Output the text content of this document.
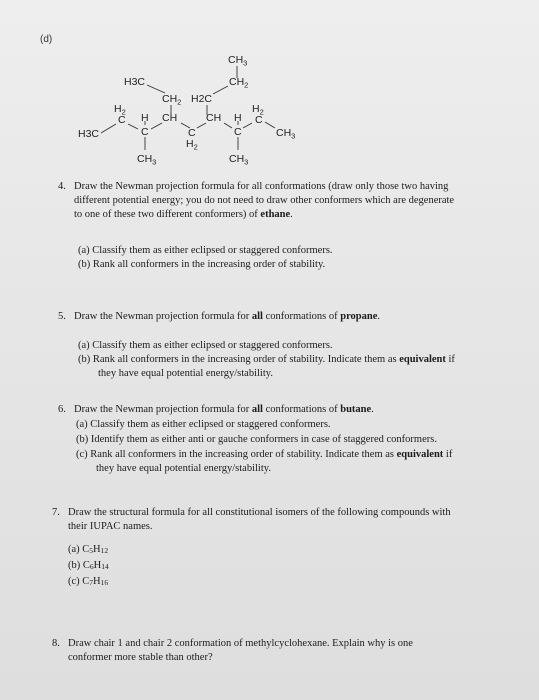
(d)
$CH_3$
$CH_2$
H3C
$CH_2$ H2C
$H_2$	$H_2$
C	C
H	H
CH	CH
C	C
C
$H_2$
H3C	$CH_3$
$CH_3$	$CH_3$
4. Draw the Newman projection formula for all conformations (draw only those two having
different potential energy; you do not need to draw other conformers which are degenerate
to one of these two different conformers) of ethane.
(a) Classify them as either eclipsed or staggered conformers.
(b) Rank all conformers in the increasing order of stability.
5. Draw the Newman projection formula for all conformations of propane.
(a) Classify them as either eclipsed or staggered conformers.
(b) Rank all conformers in the increasing order of stability. Indicate them as equivalent if
they have equal potential energy/stability.
6. Draw the Newman projection formula for all conformations of butane.
(a) Classify them as either eclipsed or staggered conformers.
(b) Identify them as either anti or gauche conformers in case of staggered conformers.
(c) Rank all conformers in the increasing order of stability. Indicate them as equivalent if
they have equal potential energy/stability.
7. Draw the structural formula for all constitutional isomers of the following compounds with
their IUPAC names.
(a) C5H12
(b) C6H14
(c) C7H16
8. Draw chair 1 and chair 2 conformation of methylcyclohexane. Explain why is one
conformer more stable than other?
